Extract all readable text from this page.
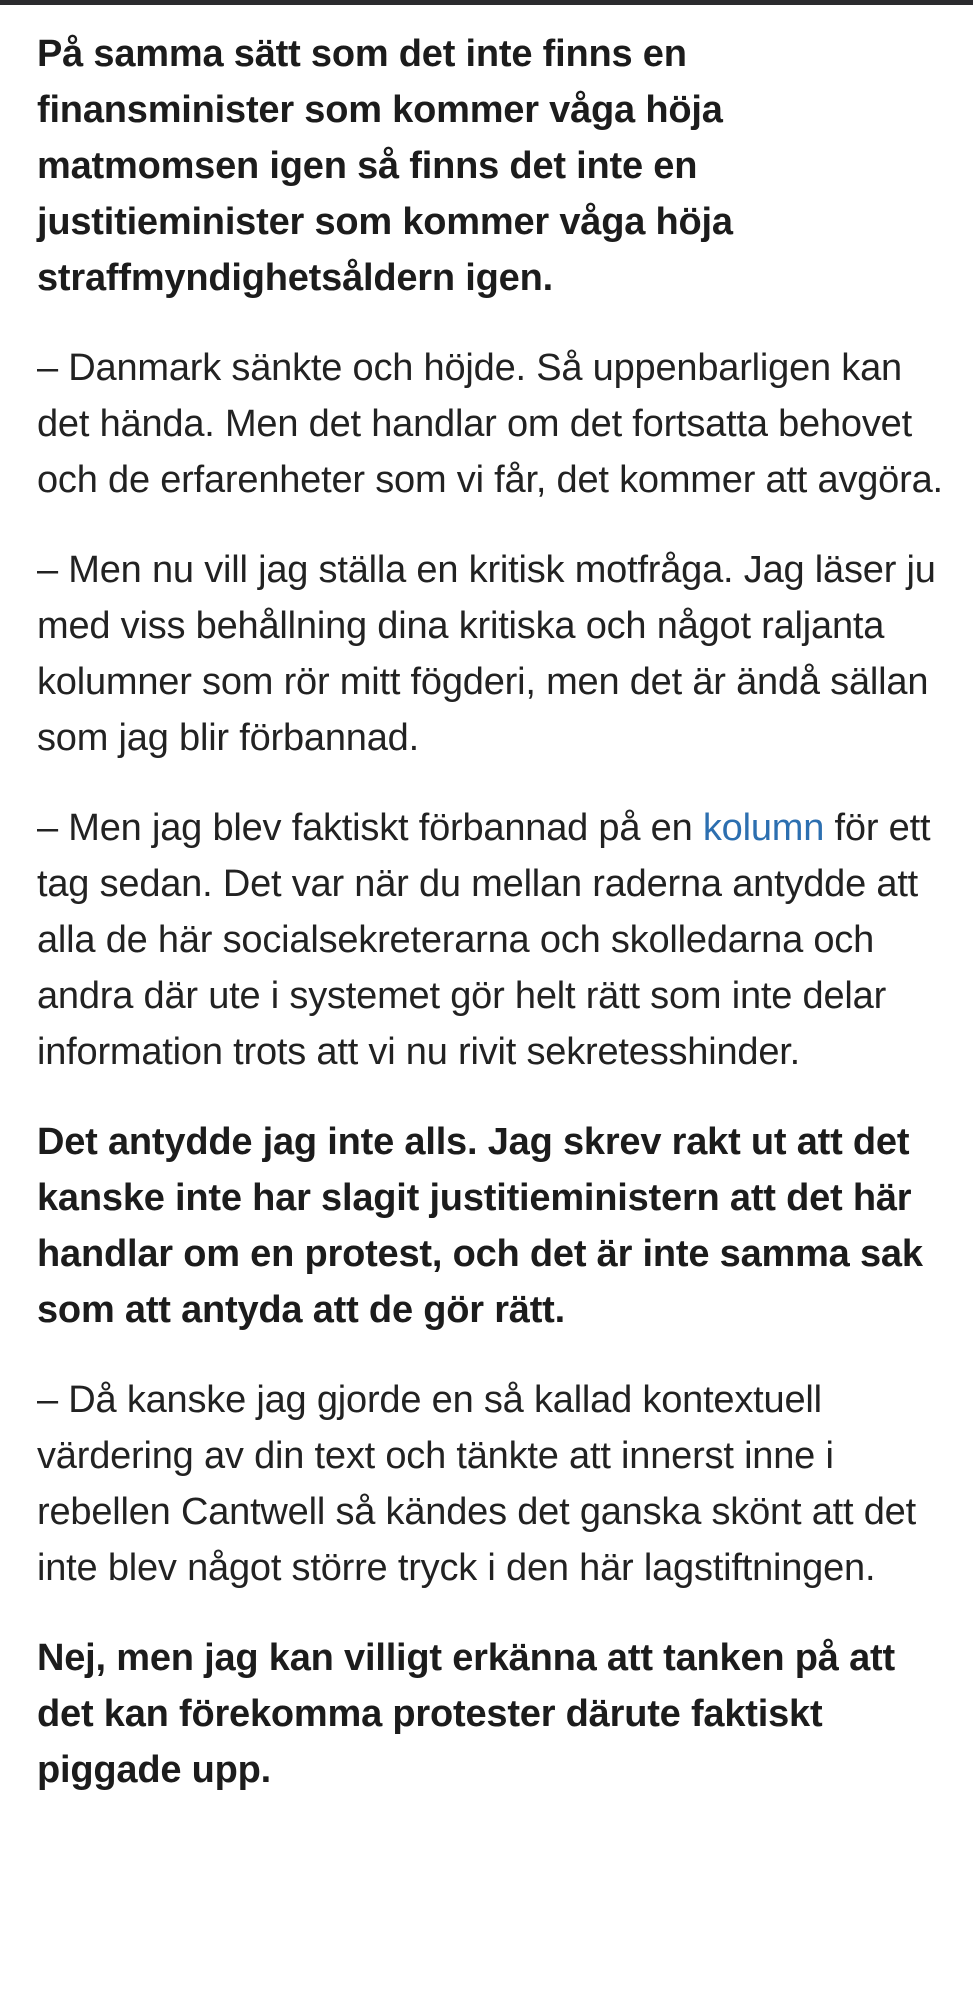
På samma sätt som det inte finns en finansminister som kommer våga höja matmomsen igen så finns det inte en justitieminister som kommer våga höja straffmyndighetsåldern igen.

– Danmark sänkte och höjde. Så uppenbarligen kan det hända. Men det handlar om det fortsatta behovet och de erfarenheter som vi får, det kommer att avgöra.

– Men nu vill jag ställa en kritisk motfråga. Jag läser ju med viss behållning dina kritiska och något raljanta kolumner som rör mitt fögderi, men det är ändå sällan som jag blir förbannad.

– Men jag blev faktiskt förbannad på en kolumn för ett tag sedan. Det var när du mellan raderna antydde att alla de här socialsekreterarna och skolledarna och andra där ute i systemet gör helt rätt som inte delar information trots att vi nu rivit sekretesshinder.

Det antydde jag inte alls. Jag skrev rakt ut att det kanske inte har slagit justitieministern att det här handlar om en protest, och det är inte samma sak som att antyda att de gör rätt.

– Då kanske jag gjorde en så kallad kontextuell värdering av din text och tänkte att innerst inne i rebellen Cantwell så kändes det ganska skönt att det inte blev något större tryck i den här lagstiftningen.

Nej, men jag kan villigt erkänna att tanken på att det kan förekomma protester därute faktiskt piggade upp.
